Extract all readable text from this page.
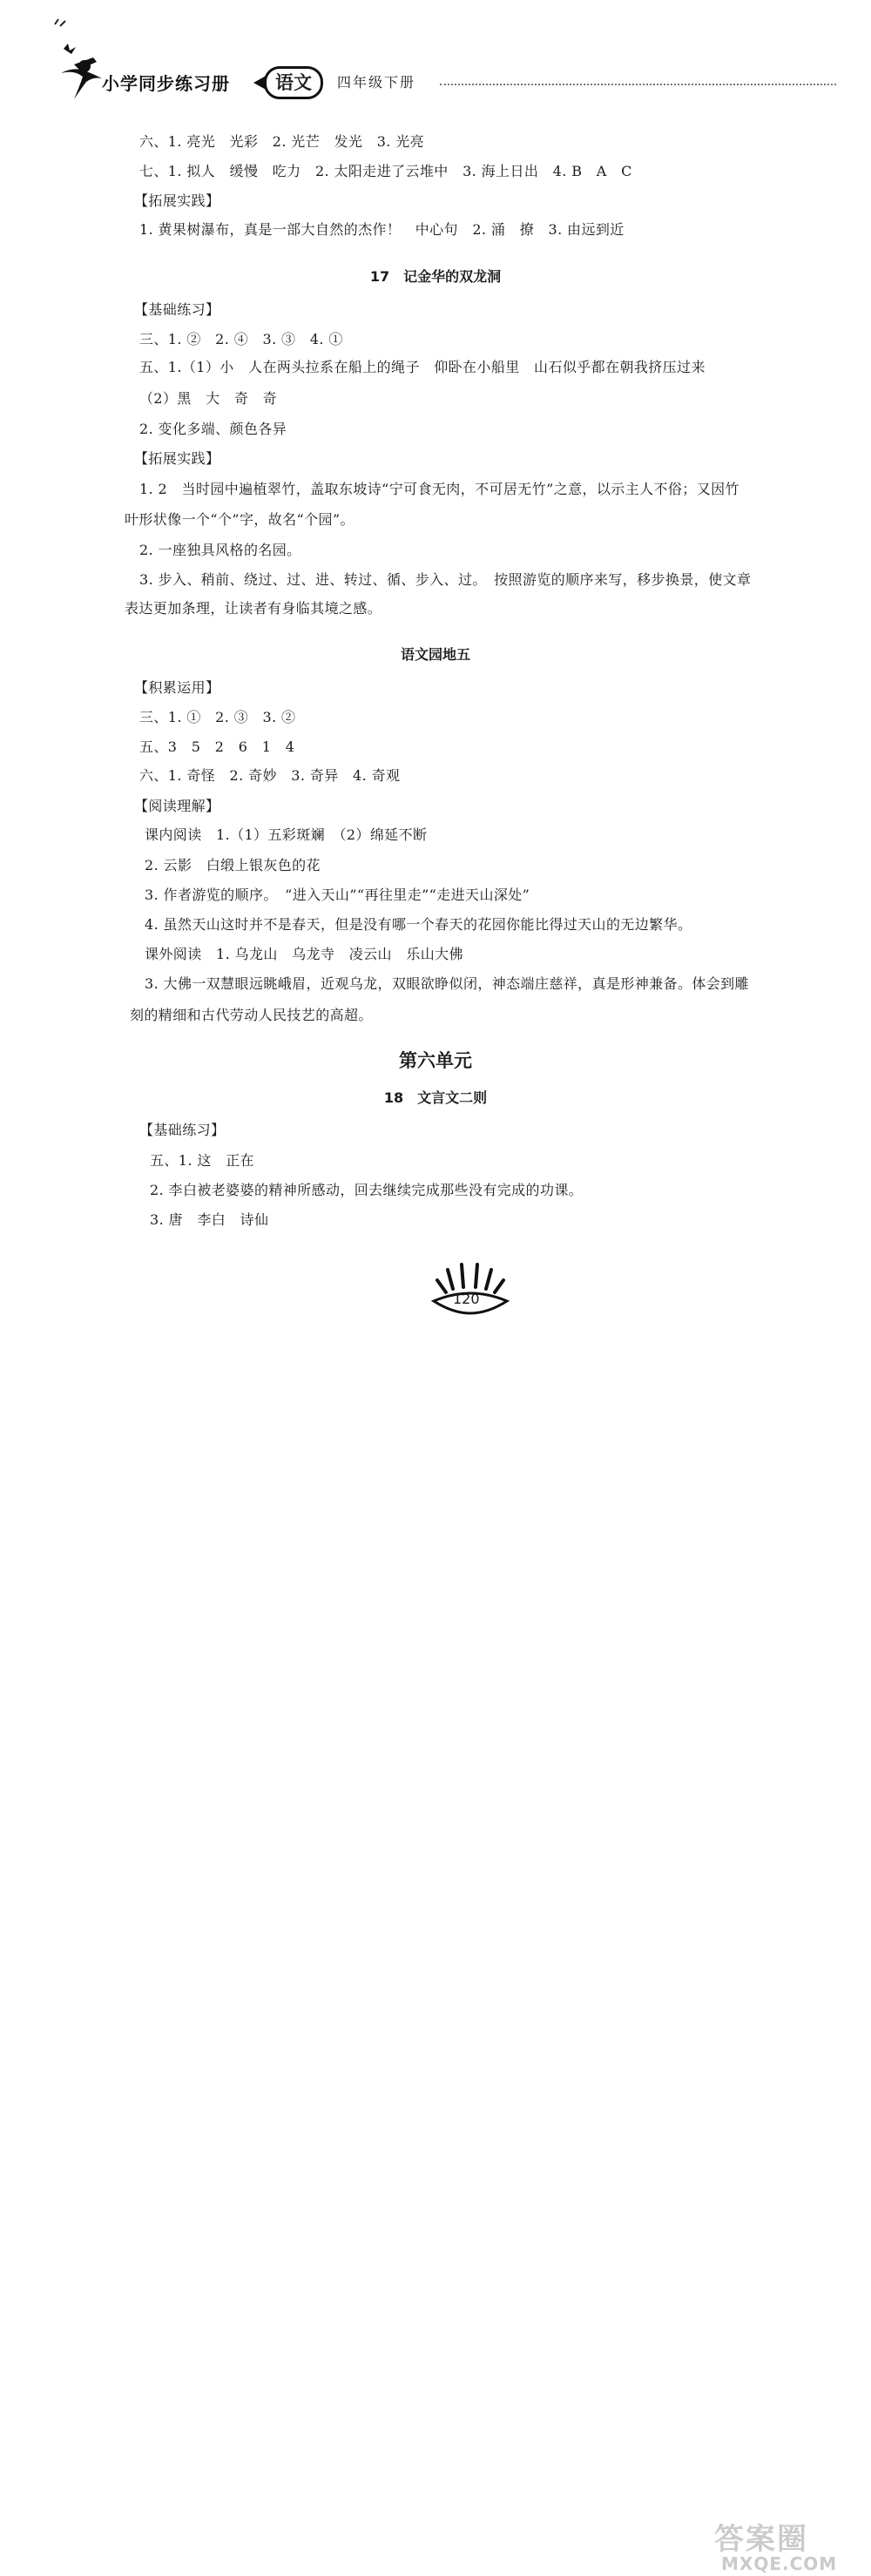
小学同步练习册	语文	四年级下册
六、1. 亮光　光彩　2. 光芒　发光　3. 光亮
七、1. 拟人　缓慢　吃力　2. 太阳走进了云堆中　3. 海上日出　4. B　A　C
【拓展实践】
1. 黄果树瀑布，真是一部大自然的杰作！　中心句　2. 涌　撩　3. 由远到近
17　记金华的双龙洞
【基础练习】
三、1. ②　2. ④　3. ③　4. ①
五、1.（1）小　人在两头拉系在船上的绳子　仰卧在小船里　山石似乎都在朝我挤压过来
（2）黑　大　奇　奇
2. 变化多端、颜色各异
【拓展实践】
1. 2　当时园中遍植翠竹，盖取东坡诗“宁可食无肉，不可居无竹”之意，以示主人不俗；又因竹
叶形状像一个“个”字，故名“个园”。
2. 一座独具风格的名园。
3. 步入、稍前、绕过、过、进、转过、循、步入、过。　按照游览的顺序来写，移步换景，使文章
表达更加条理，让读者有身临其境之感。
语文园地五
【积累运用】
三、1. ①　2. ③　3. ②
五、3　5　2　6　1　4
六、1. 奇怪　2. 奇妙　3. 奇异　4. 奇观
【阅读理解】
课内阅读　1.（1）五彩斑斓　（2）绵延不断
2. 云影　白缎上银灰色的花
3. 作者游览的顺序。　“进入天山”“再往里走”“走进天山深处”
4. 虽然天山这时并不是春天，但是没有哪一个春天的花园你能比得过天山的无边繁华。
课外阅读　1. 乌龙山　乌龙寺　凌云山　乐山大佛
3. 大佛一双慧眼远眺峨眉，近观乌龙，双眼欲睁似闭，神态端庄慈祥，真是形神兼备。体会到雕
刻的精细和古代劳动人民技艺的高超。
第六单元
18　文言文二则
【基础练习】
五、1. 这　正在
2. 李白被老婆婆的精神所感动，回去继续完成那些没有完成的功课。
3. 唐　李白　诗仙
答案圈
MXQE.COM
120
